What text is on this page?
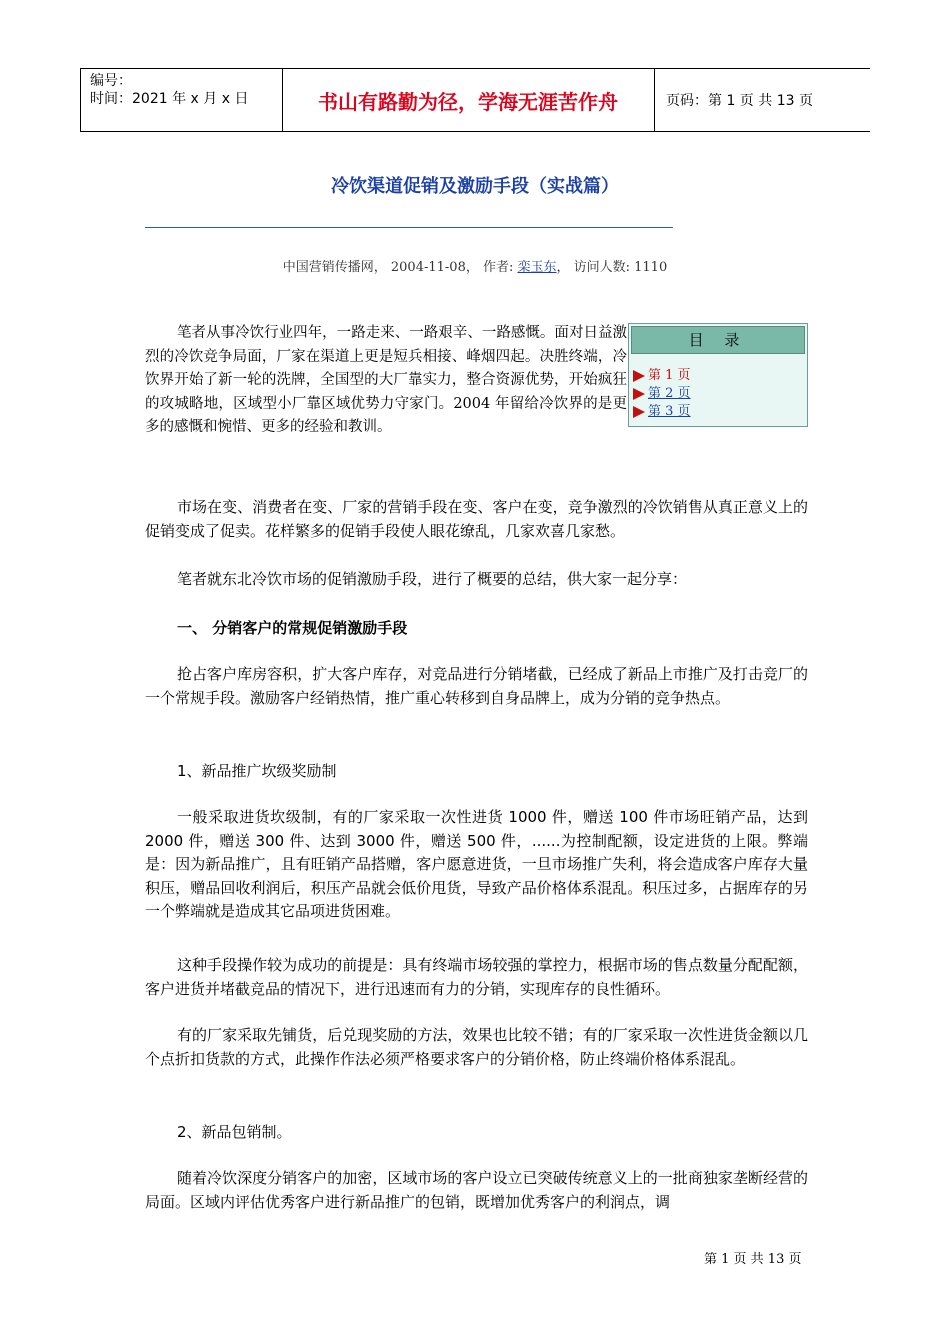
编号：
时间：2021 年 x 月 x 日	书山有路勤为径，学海无涯苦作舟	页码：第 1 页 共 13 页
冷饮渠道促销及激励手段（实战篇）
中国营销传播网， 2004-11-08， 作者: 栾玉东， 访问人数: 1110
目 录
第 1 页
第 2 页
第 3 页
笔者从事冷饮行业四年，一路走来、一路艰辛、一路感慨。面对日益激烈的冷饮竞争局面，厂家在渠道上更是短兵相接、峰烟四起。决胜终端，冷饮界开始了新一轮的洗牌，全国型的大厂靠实力，整合资源优势，开始疯狂的攻城略地，区域型小厂靠区域优势力守家门。2004 年留给冷饮界的是更多的感慨和惋惜、更多的经验和教训。
市场在变、消费者在变、厂家的营销手段在变、客户在变，竞争激烈的冷饮销售从真正意义上的促销变成了促卖。花样繁多的促销手段使人眼花缭乱，几家欢喜几家愁。
笔者就东北冷饮市场的促销激励手段，进行了概要的总结，供大家一起分享：
一、 分销客户的常规促销激励手段
抢占客户库房容积，扩大客户库存，对竞品进行分销堵截，已经成了新品上市推广及打击竞厂的一个常规手段。激励客户经销热情，推广重心转移到自身品牌上，成为分销的竞争热点。
1、新品推广坎级奖励制
一般采取进货坎级制，有的厂家采取一次性进货 1000 件，赠送 100 件市场旺销产品，达到 2000 件，赠送 300 件、达到 3000 件，赠送 500 件，......为控制配额，设定进货的上限。弊端是：因为新品推广，且有旺销产品搭赠，客户愿意进货，一旦市场推广失利，将会造成客户库存大量积压，赠品回收利润后，积压产品就会低价甩货，导致产品价格体系混乱。积压过多，占据库存的另一个弊端就是造成其它品项进货困难。
这种手段操作较为成功的前提是：具有终端市场较强的掌控力，根据市场的售点数量分配配额，客户进货并堵截竞品的情况下，进行迅速而有力的分销，实现库存的良性循环。
有的厂家采取先铺货，后兑现奖励的方法，效果也比较不错；有的厂家采取一次性进货金额以几个点折扣货款的方式，此操作作法必须严格要求客户的分销价格，防止终端价格体系混乱。
2、新品包销制。
随着冷饮深度分销客户的加密，区域市场的客户设立已突破传统意义上的一批商独家垄断经营的局面。区域内评估优秀客户进行新品推广的包销，既增加优秀客户的利润点，调
第 1 页 共 13 页
